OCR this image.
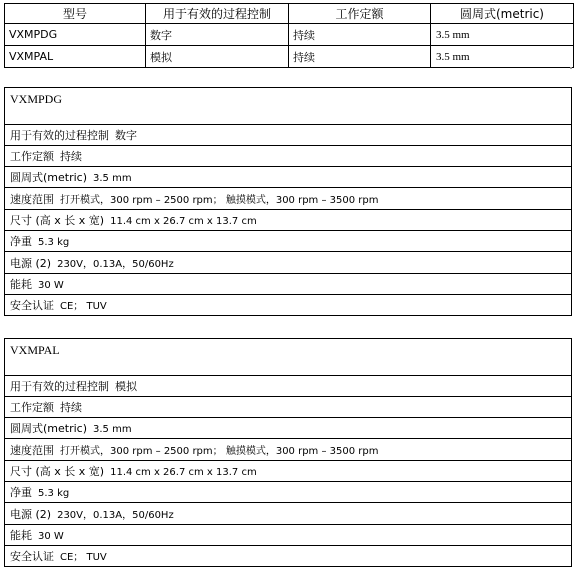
型号	用于有效的过程控制	工作定额	圆周式(metric)
VXMPDG	数字	持续	3.5 mm
VXMPAL	模拟	持续	3.5 mm
VXMPDG
用于有效的过程控制 数字
工作定额 持续
圆周式(metric) 3.5 mm
速度范围 打开模式，300 rpm – 2500 rpm； 触摸模式，300 rpm – 3500 rpm
尺寸 (高 x 长 x 宽) 11.4 cm x 26.7 cm x 13.7 cm
净重 5.3 kg
电源 (2) 230V，0.13A，50/60Hz
能耗 30 W
安全认证 CE； TUV
VXMPAL
用于有效的过程控制 模拟
工作定额 持续
圆周式(metric) 3.5 mm
速度范围 打开模式，300 rpm – 2500 rpm； 触摸模式，300 rpm – 3500 rpm
尺寸 (高 x 长 x 宽) 11.4 cm x 26.7 cm x 13.7 cm
净重 5.3 kg
电源 (2) 230V，0.13A，50/60Hz
能耗 30 W
安全认证 CE； TUV
